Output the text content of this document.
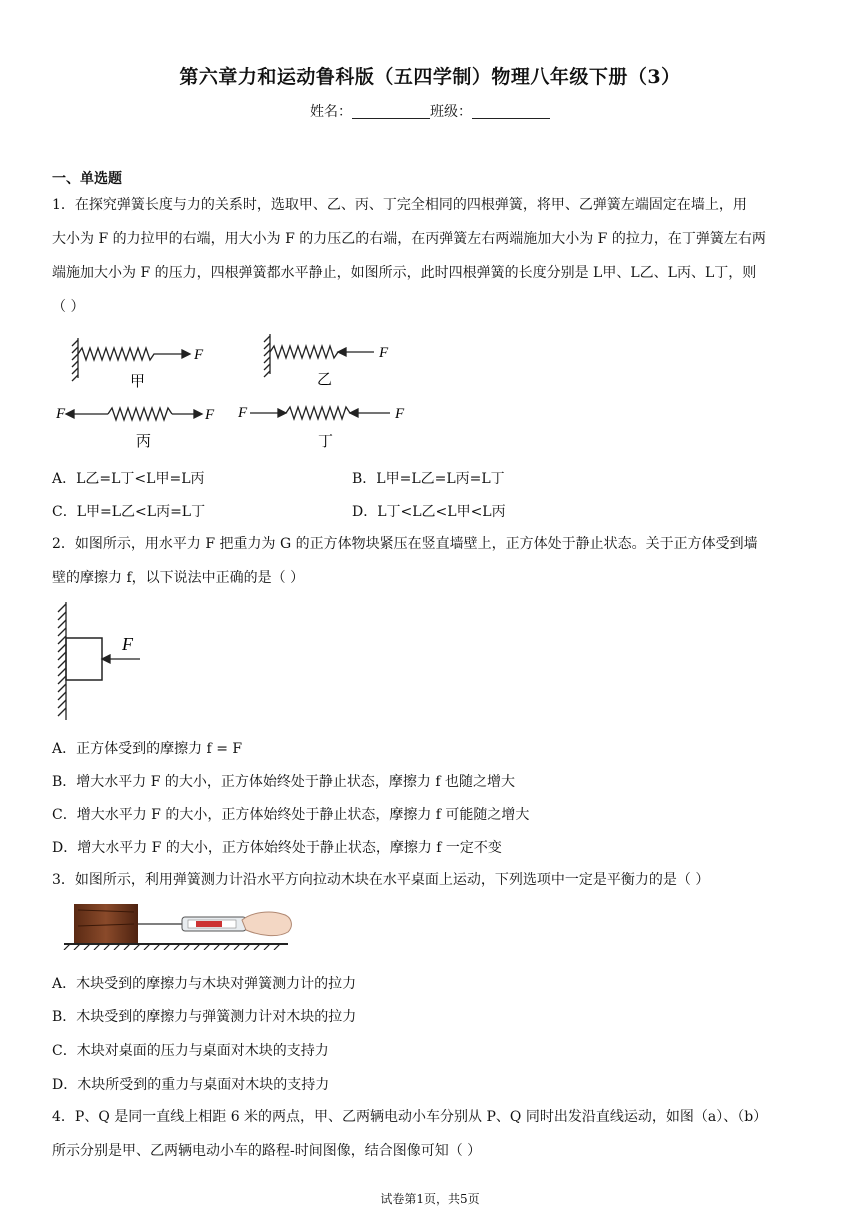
第六章力和运动鲁科版（五四学制）物理八年级下册（3）
姓名：	班级：
一、单选题
1．在探究弹簧长度与力的关系时，选取甲、乙、丙、丁完全相同的四根弹簧，将甲、乙弹簧左端固定在墙上，用
大小为 F 的力拉甲的右端，用大小为 F 的力压乙的右端，在丙弹簧左右两端施加大小为 F 的拉力，在丁弹簧左右两
端施加大小为 F 的压力，四根弹簧都水平静止，如图所示，此时四根弹簧的长度分别是 L甲、L乙、L丙、L丁，则
（ ）
F
甲
F
乙
F	F
丙
F	F
丁
A．L乙=L丁<L甲=L丙	B．L甲=L乙=L丙=L丁
C．L甲=L乙<L丙=L丁	D．L丁<L乙<L甲<L丙
2．如图所示，用水平力 F 把重力为 G 的正方体物块紧压在竖直墙壁上，正方体处于静止状态。关于正方体受到墙
壁的摩擦力 f，以下说法中正确的是（ ）
F
A．正方体受到的摩擦力 f = F
B．增大水平力 F 的大小，正方体始终处于静止状态，摩擦力 f 也随之增大
C．增大水平力 F 的大小，正方体始终处于静止状态，摩擦力 f 可能随之增大
D．增大水平力 F 的大小，正方体始终处于静止状态，摩擦力 f 一定不变
3．如图所示，利用弹簧测力计沿水平方向拉动木块在水平桌面上运动，下列选项中一定是平衡力的是（ ）
A．木块受到的摩擦力与木块对弹簧测力计的拉力
B．木块受到的摩擦力与弹簧测力计对木块的拉力
C．木块对桌面的压力与桌面对木块的支持力
D．木块所受到的重力与桌面对木块的支持力
4．P、Q 是同一直线上相距 6 米的两点，甲、乙两辆电动小车分别从 P、Q 同时出发沿直线运动，如图（a）、（b）
所示分别是甲、乙两辆电动小车的路程-时间图像，结合图像可知（ ）
试卷第1页，共5页
